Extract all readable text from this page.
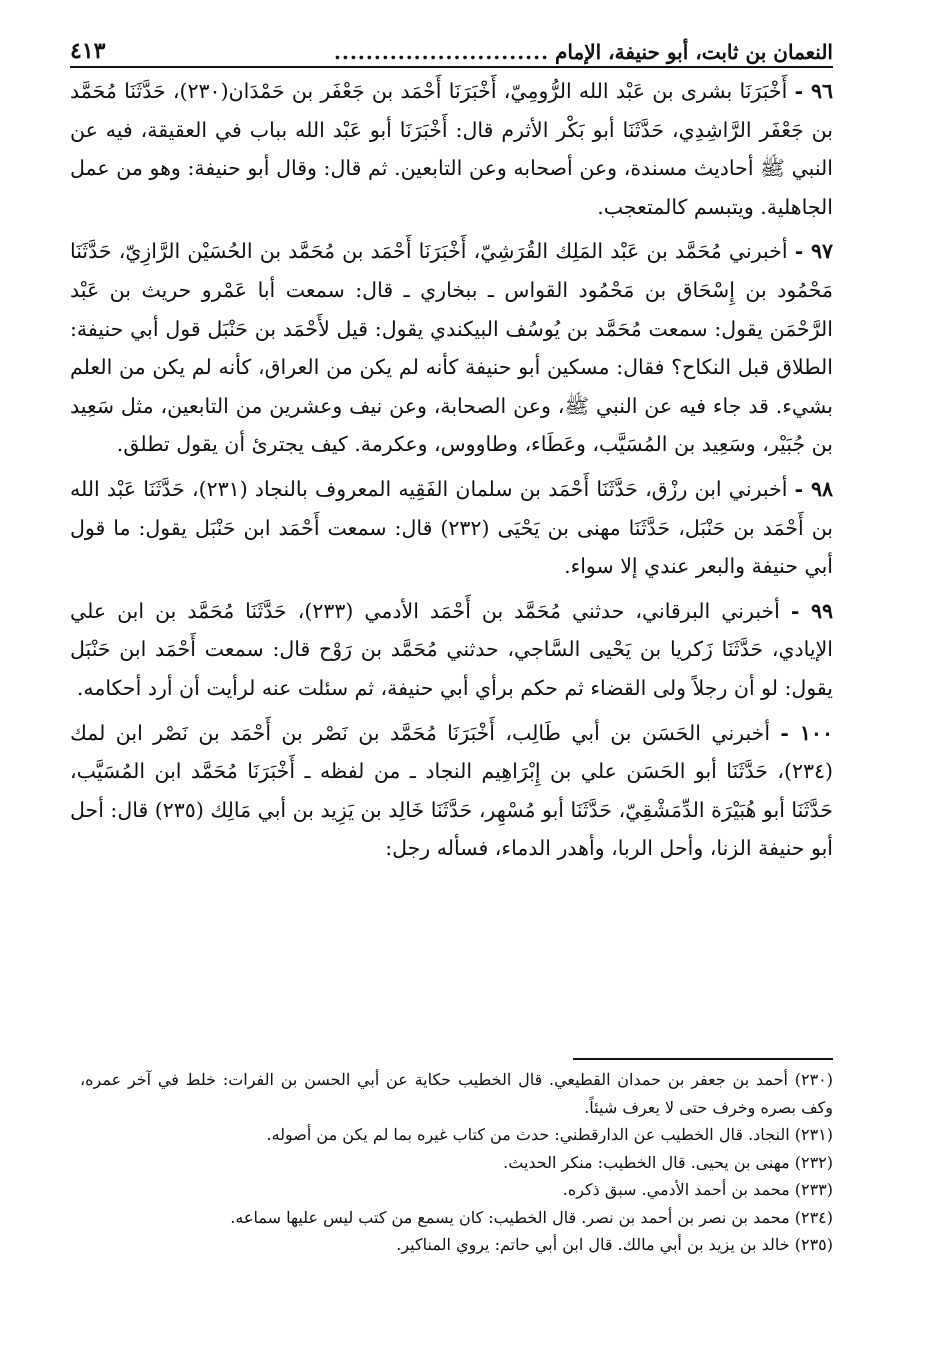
النعمان بن ثابت، أبو حنيفة، الإمام
...........................
٤١٣

٩٦ - أَخْبَرَنَا بشرى بن عَبْد الله الرُّومِيّ، أَخْبَرَنَا أَحْمَد بن جَعْفَر بن حَمْدَان(٢٣٠)، حَدَّثَنَا مُحَمَّد بن جَعْفَر الرَّاشِدِي، حَدَّثَنَا أبو بَكْر الأثرم قال: أَخْبَرَنَا أبو عَبْد الله بباب في العقيقة، فيه عن النبي ﷺ أحاديث مسندة، وعن أصحابه وعن التابعين. ثم قال: وقال أبو حنيفة: وهو من عمل الجاهلية. ويتبسم كالمتعجب.

٩٧ - أخبرني مُحَمَّد بن عَبْد المَلِك القُرَشِيّ، أَخْبَرَنَا أَحْمَد بن مُحَمَّد بن الحُسَيْن الرَّازِيّ، حَدَّثَنَا مَحْمُود بن إِسْحَاق بن مَحْمُود القواس ـ ببخاري ـ قال: سمعت أبا عَمْرو حريث بن عَبْد الرَّحْمَن يقول: سمعت مُحَمَّد بن يُوسُف البيكندي يقول: قيل لأَحْمَد بن حَنْبَل قول أبي حنيفة: الطلاق قبل النكاح؟ فقال: مسكين أبو حنيفة كأنه لم يكن من العراق، كأنه لم يكن من العلم بشيء. قد جاء فيه عن النبي ﷺ، وعن الصحابة، وعن نيف وعشرين من التابعين، مثل سَعِيد بن جُبَيْر، وسَعِيد بن المُسَيَّب، وعَطَاء، وطاووس، وعكرمة. كيف يجترئ أن يقول تطلق.

٩٨ - أخبرني ابن رزْق، حَدَّثَنَا أَحْمَد بن سلمان الفَقِيه المعروف بالنجاد (٢٣١)، حَدَّثَنَا عَبْد الله بن أَحْمَد بن حَنْبَل، حَدَّثَنَا مهنى بن يَحْيَى (٢٣٢) قال: سمعت أَحْمَد ابن حَنْبَل يقول: ما قول أبي حنيفة والبعر عندي إلا سواء.

٩٩ - أخبرني البرقاني، حدثني مُحَمَّد بن أَحْمَد الأدمي (٢٣٣)، حَدَّثَنَا مُحَمَّد بن ابن علي الإيادي، حَدَّثَنَا زَكريا بن يَحْيى السَّاجي، حدثني مُحَمَّد بن رَوْح قال: سمعت أَحْمَد ابن حَنْبَل يقول: لو أن رجلاً ولى القضاء ثم حكم برأي أبي حنيفة، ثم سئلت عنه لرأيت أن أرد أحكامه.

١٠٠ - أخبرني الحَسَن بن أبي طَالِب، أَخْبَرَنَا مُحَمَّد بن نَصْر بن أَحْمَد بن نَصْر ابن لمك (٢٣٤)، حَدَّثَنَا أبو الحَسَن علي بن إِبْرَاهِيم النجاد ـ من لفظه ـ أَخْبَرَنَا مُحَمَّد ابن المُسَيَّب، حَدَّثَنَا أبو هُبَيْرَة الدِّمَشْقِيّ، حَدَّثَنَا أبو مُسْهِر، حَدَّثَنَا خَالِد بن يَزِيد بن أبي مَالِك (٢٣٥) قال: أحل أبو حنيفة الزنا، وأحل الربا، وأهدر الدماء، فسأله رجل:

(٢٣٠) أحمد بن جعفر بن حمدان القطيعي. قال الخطيب حكاية عن أبي الحسن بن الفرات: خلط في آخر عمره، وكف بصره وخرف حتى لا يعرف شيئاً.

(٢٣١) النجاد. قال الخطيب عن الدارقطني: حدث من كتاب غيره بما لم يكن من أصوله.

(٢٣٢) مهنى بن يحيى. قال الخطيب: منكر الحديث.

(٢٣٣) محمد بن أحمد الأدمي. سبق ذكره.

(٢٣٤) محمد بن نصر بن أحمد بن نصر. قال الخطيب: كان يسمع من كتب ليس عليها سماعه.

(٢٣٥) خالد بن يزيد بن أبي مالك. قال ابن أبي حاتم: يروي المناكير.
